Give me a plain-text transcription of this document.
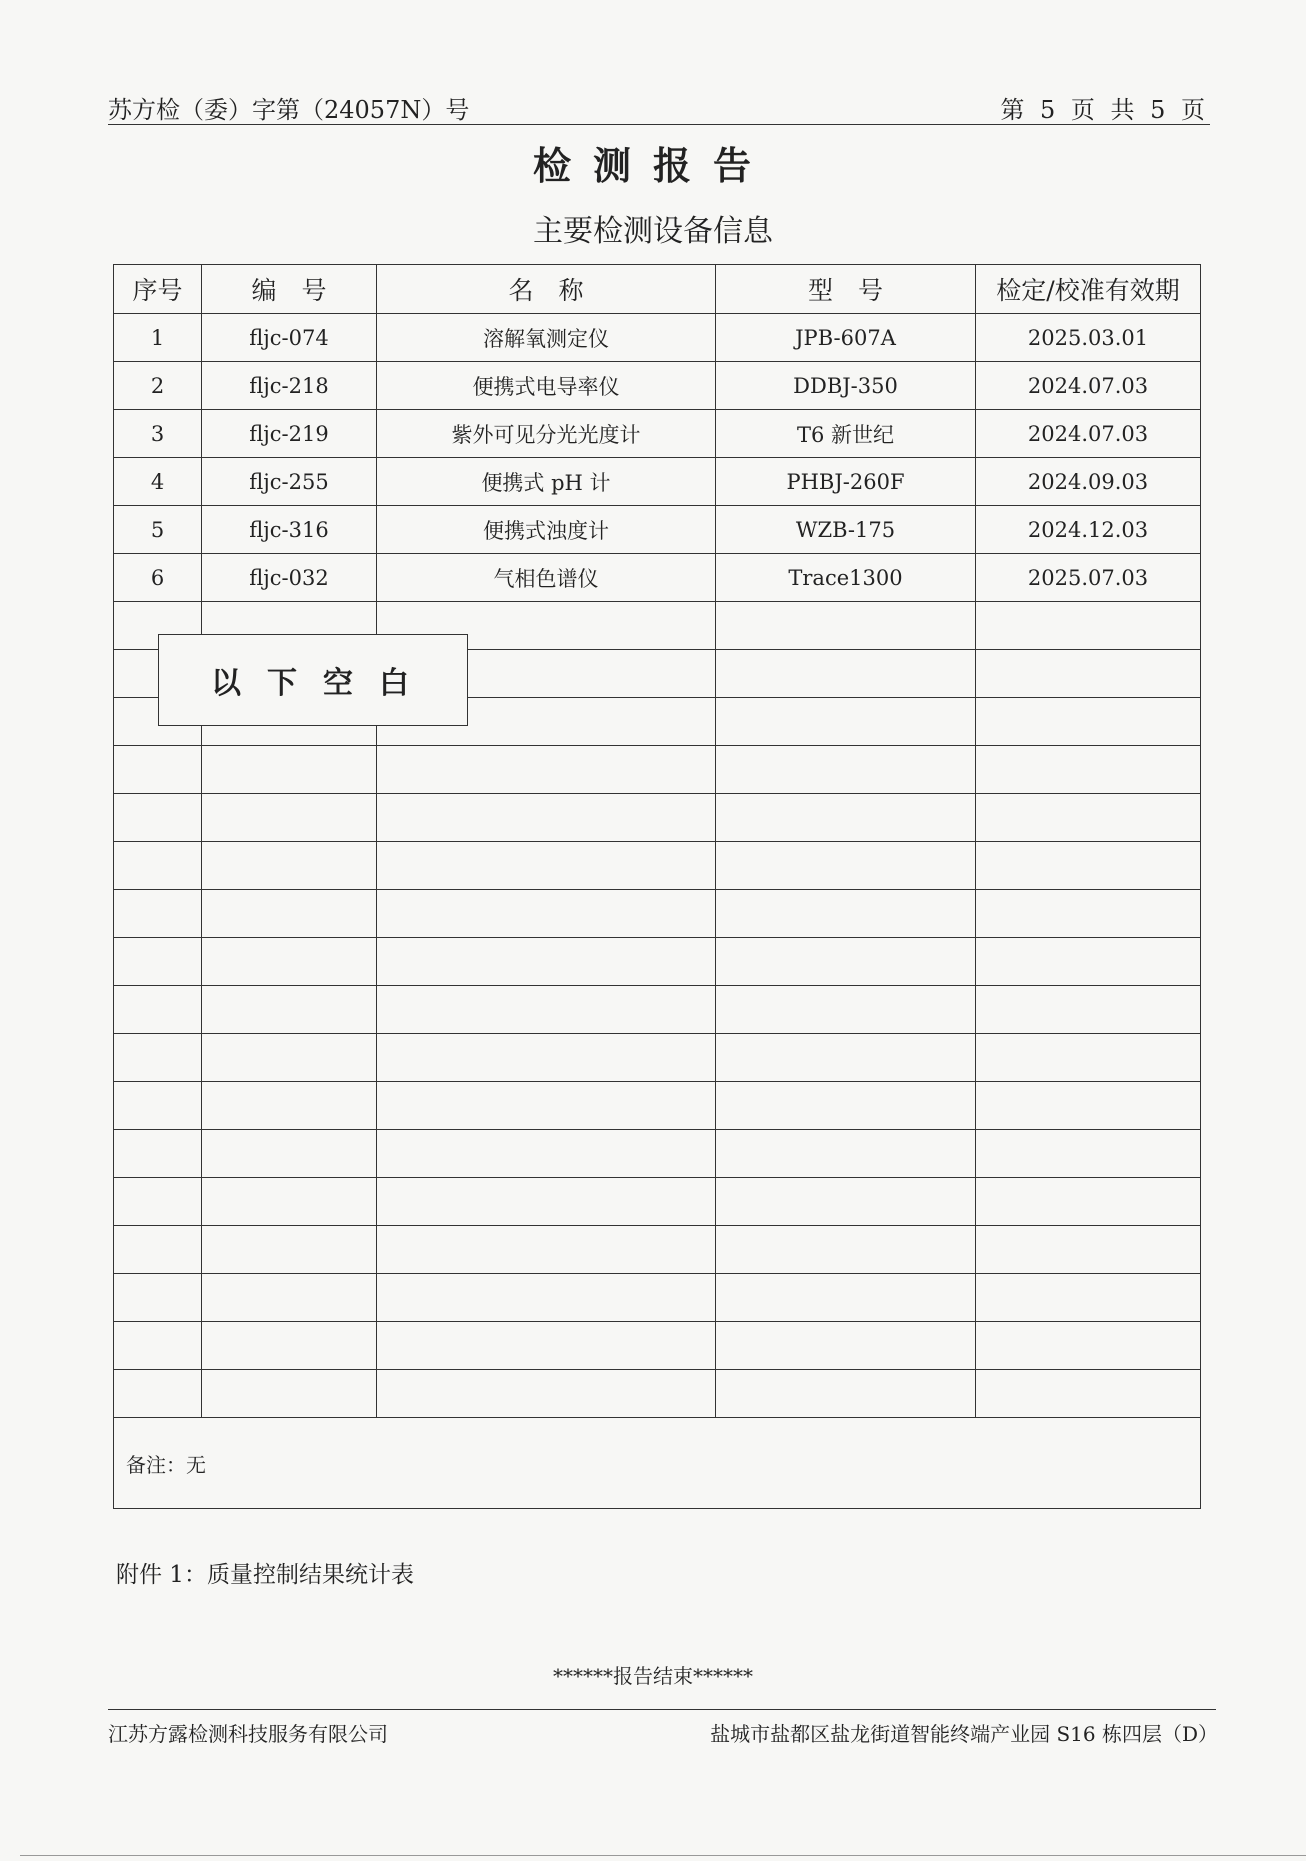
苏方检（委）字第（24057N）号	第 5 页 共 5 页
检测报告
主要检测设备信息
序号	编　号	名　称	型　号	检定/校准有效期
1	fljc-074	溶解氧测定仪	JPB-607A	2025.03.01
2	fljc-218	便携式电导率仪	DDBJ-350	2024.07.03
3	fljc-219	紫外可见分光光度计	T6 新世纪	2024.07.03
4	fljc-255	便携式 pH 计	PHBJ-260F	2024.09.03
5	fljc-316	便携式浊度计	WZB-175	2024.12.03
6	fljc-032	气相色谱仪	Trace1300	2025.07.03

备注：无				
以下空白
附件 1：质量控制结果统计表
******报告结束******
江苏方露检测科技服务有限公司	盐城市盐都区盐龙街道智能终端产业园 S16 栋四层（D）
